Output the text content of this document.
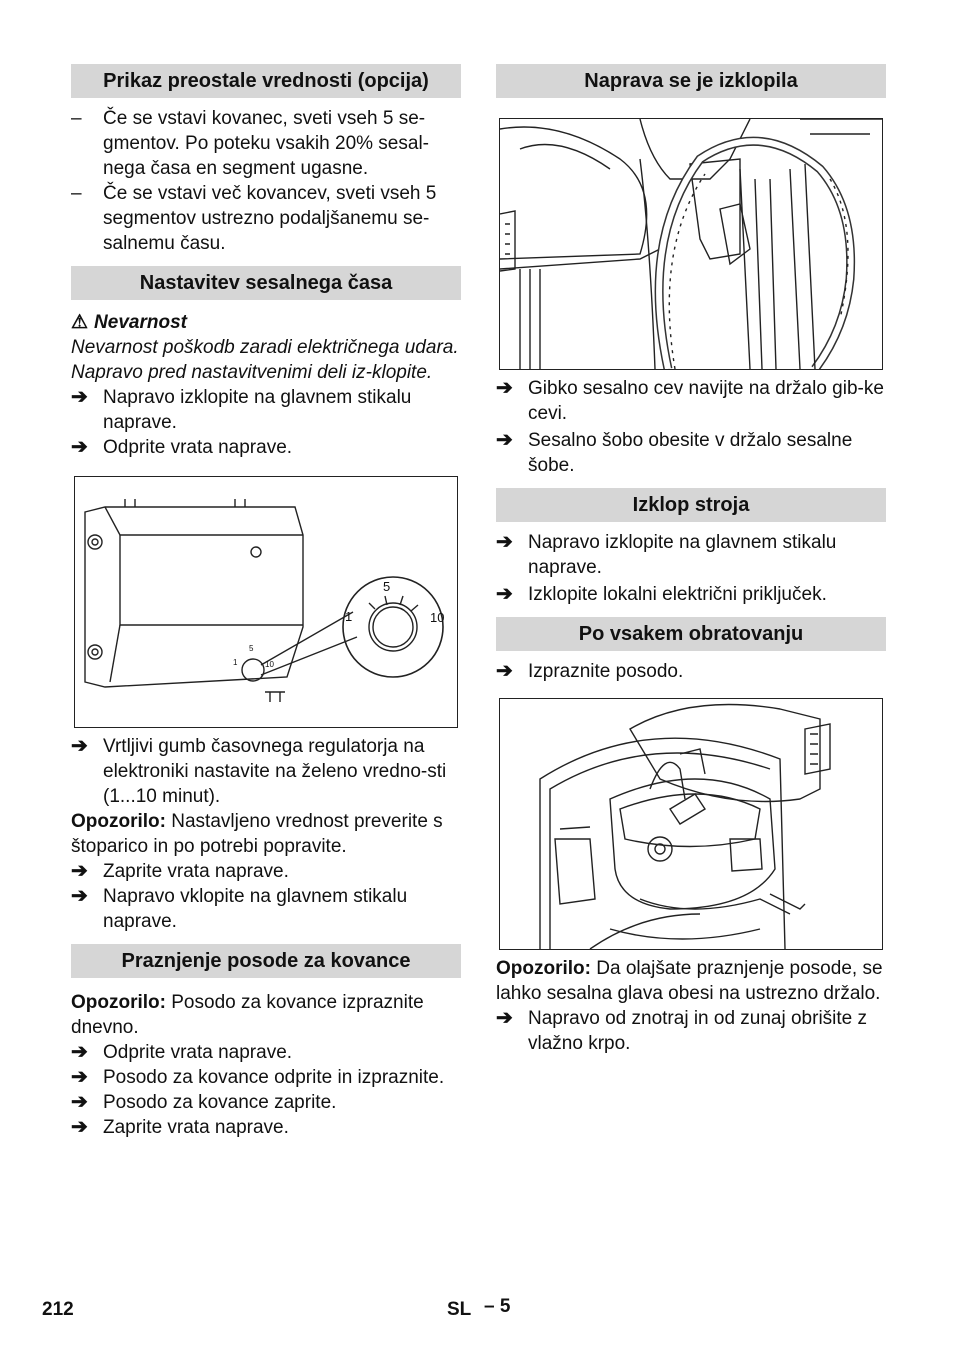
Prikaz preostale vrednosti (opcija)
– Če se vstavi kovanec, sveti vseh 5 se-gmentov. Po poteku vsakih 20% sesal-nega časa en segment ugasne.
– Če se vstavi več kovancev, sveti vseh 5 segmentov ustrezno podaljšanemu se-salnemu času.
Nastavitev sesalnega časa
⚠ Nevarnost
Nevarnost poškodb zaradi električnega udara. Napravo pred nastavitvenimi deli iz-klopite.
➔ Napravo izklopite na glavnem stikalu naprave.
➔ Odprite vrata naprave.
1
5
10
1
5
10
➔ Vrtljivi gumb časovnega regulatorja na elektroniki nastavite na želeno vredno-sti (1...10 minut).
Opozorilo: Nastavljeno vrednost preverite s štoparico in po potrebi popravite.
➔ Zaprite vrata naprave.
➔ Napravo vklopite na glavnem stikalu naprave.
Praznjenje posode za kovance
Opozorilo: Posodo za kovance izpraznite dnevno.
➔ Odprite vrata naprave.
➔ Posodo za kovance odprite in izpraznite.
➔ Posodo za kovance zaprite.
➔ Zaprite vrata naprave.
Naprava se je izklopila
➔ Gibko sesalno cev navijte na držalo gib-ke cevi.
➔ Sesalno šobo obesite v držalo sesalne šobe.
Izklop stroja
➔ Napravo izklopite na glavnem stikalu naprave.
➔ Izklopite lokalni električni priključek.
Po vsakem obratovanju
➔ Izpraznite posodo.
Opozorilo: Da olajšate praznjenje posode, se lahko sesalna glava obesi na ustrezno držalo.
➔ Napravo od znotraj in od zunaj obrišite z vlažno krpo.
212	SL – 5
